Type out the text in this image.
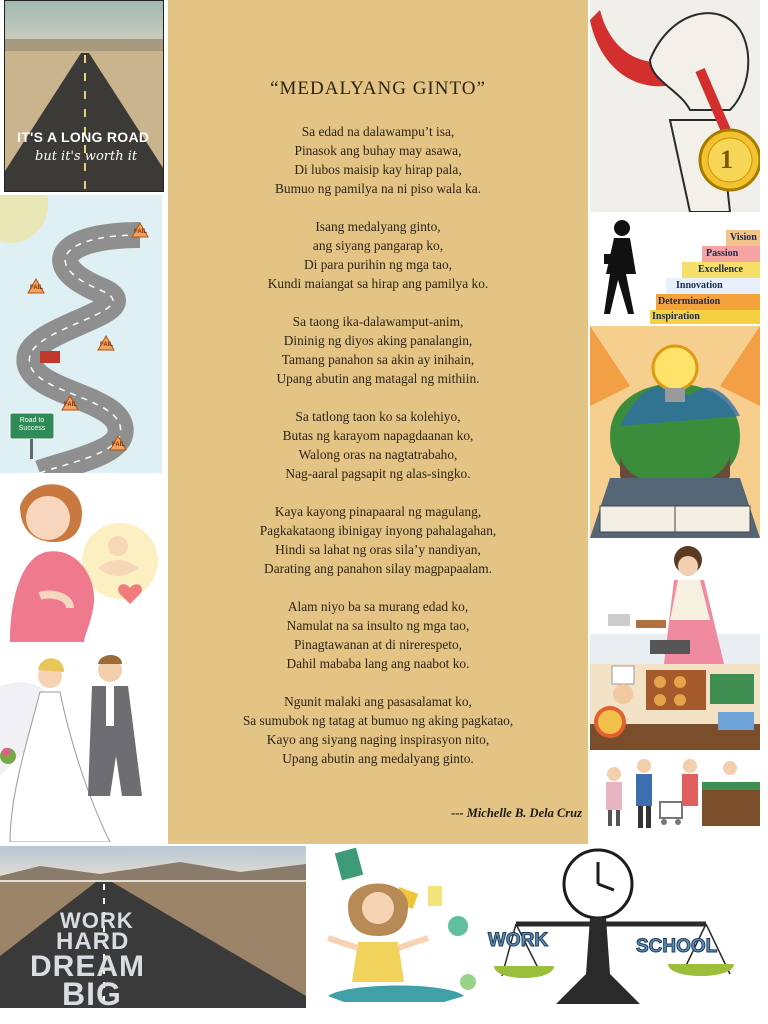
IT'S A LONG ROAD
but it's worth it
Road to Success
FAIL
FAIL
FAIL
FAIL
FAIL
“MEDALYANG GINTO”
Sa edad na dalawampu’t isa,
Pinasok ang buhay may asawa,
Di lubos maisip kay hirap pala,
Bumuo ng pamilya na ni piso wala ka.
Isang medalyang ginto,
ang siyang pangarap ko,
Di para purihin ng mga tao,
Kundi maiangat sa hirap ang pamilya ko.
Sa taong ika-dalawamput-anim,
Dininig ng diyos aking panalangin,
Tamang panahon sa akin ay inihain,
Upang abutin ang matagal ng mithiin.
Sa tatlong taon ko sa kolehiyo,
Butas ng karayom napagdaanan ko,
Walong oras na nagtatrabaho,
Nag-aaral pagsapit ng alas-singko.
Kaya kayong pinapaaral ng magulang,
Pagkakataong ibinigay inyong pahalagahan,
Hindi sa lahat ng oras sila’y nandiyan,
Darating ang panahon silay magpapaalam.
Alam niyo ba sa murang edad ko,
Namulat na sa insulto ng mga tao,
Pinagtawanan at di nirerespeto,
Dahil mababa lang ang naabot ko.
Ngunit malaki ang pasasalamat ko,
Sa sumubok ng tatag at bumuo ng aking pagkatao,
Kayo ang siyang naging inspirasyon nito,
Upang abutin ang medalyang ginto.
--- Michelle B. Dela Cruz
1
Vision
Passion
Excellence
Innovation
Determination
Inspiration
WORK
HARD
DREAM
BIG
WORK	SCHOOL
